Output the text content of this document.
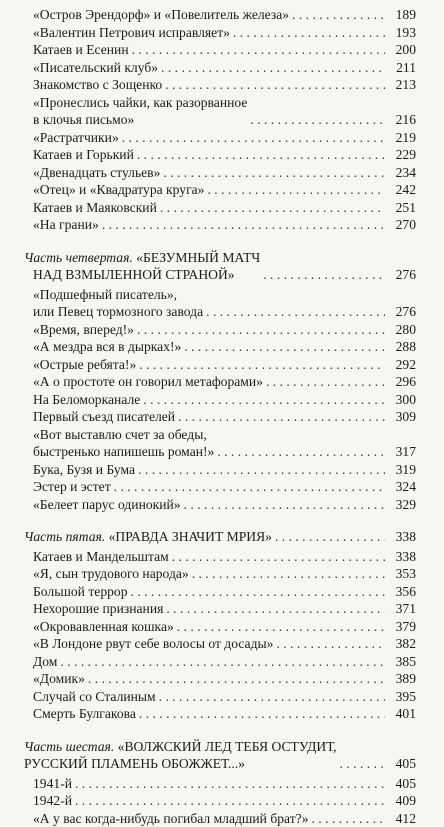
«Остров Эрендорф» и «Повелитель железа» . . .	189
«Валентин Петрович исправляет» . . .	193
Катаев и Есенин . . .	200
«Писательский клуб» . . .	211
Знакомство с Зощенко . . .	213
«Пронеслись чайки, как разорванное
в клочья письмо» . . .	216
«Растратчики» . . .	219
Катаев и Горький . . .	229
«Двенадцать стульев» . . .	234
«Отец» и «Квадратура круга» . . .	242
Катаев и Маяковский . . .	251
«На грани» . . .	270
Часть четвертая. «БЕЗУМНЫЙ МАТЧ
НАД ВЗМЫЛЕННОЙ СТРАНОЙ» . . .	276
«Подшефный писатель»,
или Певец тормозного завода . . .	276
«Время, вперед!» . . .	280
«А мездра вся в дырках!» . . .	288
«Острые ребята!» . . .	292
«А о простоте он говорил метафорами» . . .	296
На Беломорканале . . .	300
Первый съезд писателей . . .	309
«Вот выставлю счет за обеды,
быстренько напишешь роман!» . . .	317
Бука, Бузя и Бума . . .	319
Эстер и эстет . . .	324
«Белеет парус одинокий» . . .	329
Часть пятая. «ПРАВДА ЗНАЧИТ МРИЯ» . . .	338
Катаев и Мандельштам . . .	338
«Я, сын трудового народа» . . .	353
Большой террор . . .	356
Нехорошие признания . . .	371
«Окровавленная кошка» . . .	379
«В Лондоне рвут себе волосы от досады» . . .	382
Дом . . .	385
«Домик» . . .	389
Случай со Сталиным . . .	395
Смерть Булгакова . . .	401
Часть шестая. «ВОЛЖСКИЙ ЛЕД ТЕБЯ ОСТУДИТ,
РУССКИЙ ПЛАМЕНЬ ОБОЖЖЕТ...» . . .	405
1941-й . . .	405
1942-й . . .	409
«А у вас когда-нибудь погибал младший брат?» . . .	412
